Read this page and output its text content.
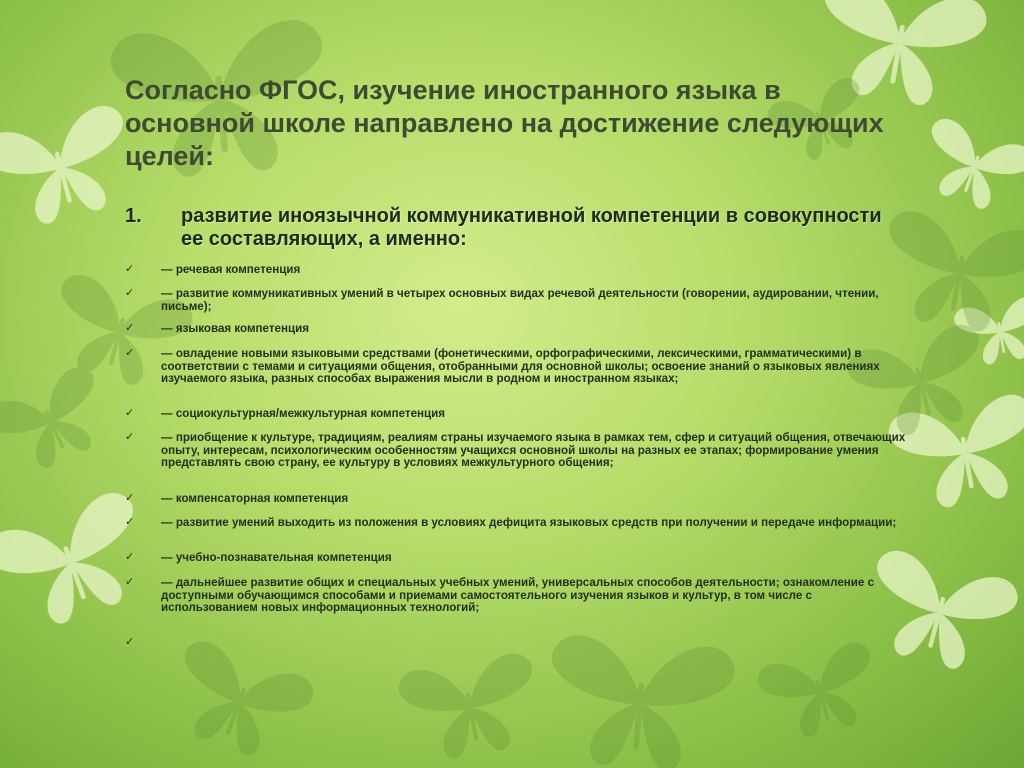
Согласно ФГОС, изучение иностранного языка в основной школе направлено на достижение следующих целей:
1. развитие иноязычной коммуникативной компетенции в совокупности ее составляющих, а именно:
✓ — речевая компетенция
✓ — развитие коммуникативных умений в четырех основных видах речевой деятельности (говорении, аудировании, чтении, письме);
✓ — языковая компетенция
✓ — овладение новыми языковыми средствами (фонетическими, орфографическими, лексическими, грамматическими) в соответствии c темами и ситуациями общения, отобранными для основной школы; освоение знаний о языковых явлениях изучаемого языка, разных способах выражения мысли в родном и иностранном языках;
✓ — социокультурная/межкультурная компетенция
✓ — приобщение к культуре, традициям, реалиям страны изучаемого языка в рамках тем, сфер и ситуаций общения, отвечающих опыту, интересам, психологическим особенностям учащихся основной школы на разных ее этапах; формирование умения представлять свою страну, ее культуру в условиях межкультурного общения;
✓ — компенсаторная компетенция
✓ — развитие умений выходить из положения в условиях дефицита языковых средств при получении и передаче информации;
✓ — учебно-познавательная компетенция
✓ — дальнейшее развитие общих и специальных учебных умений, универсальных способов деятельности; ознакомление с доступными обучающимся способами и приемами самостоятельного изучения языков и культур, в том числе с использованием новых информационных технологий;
✓
